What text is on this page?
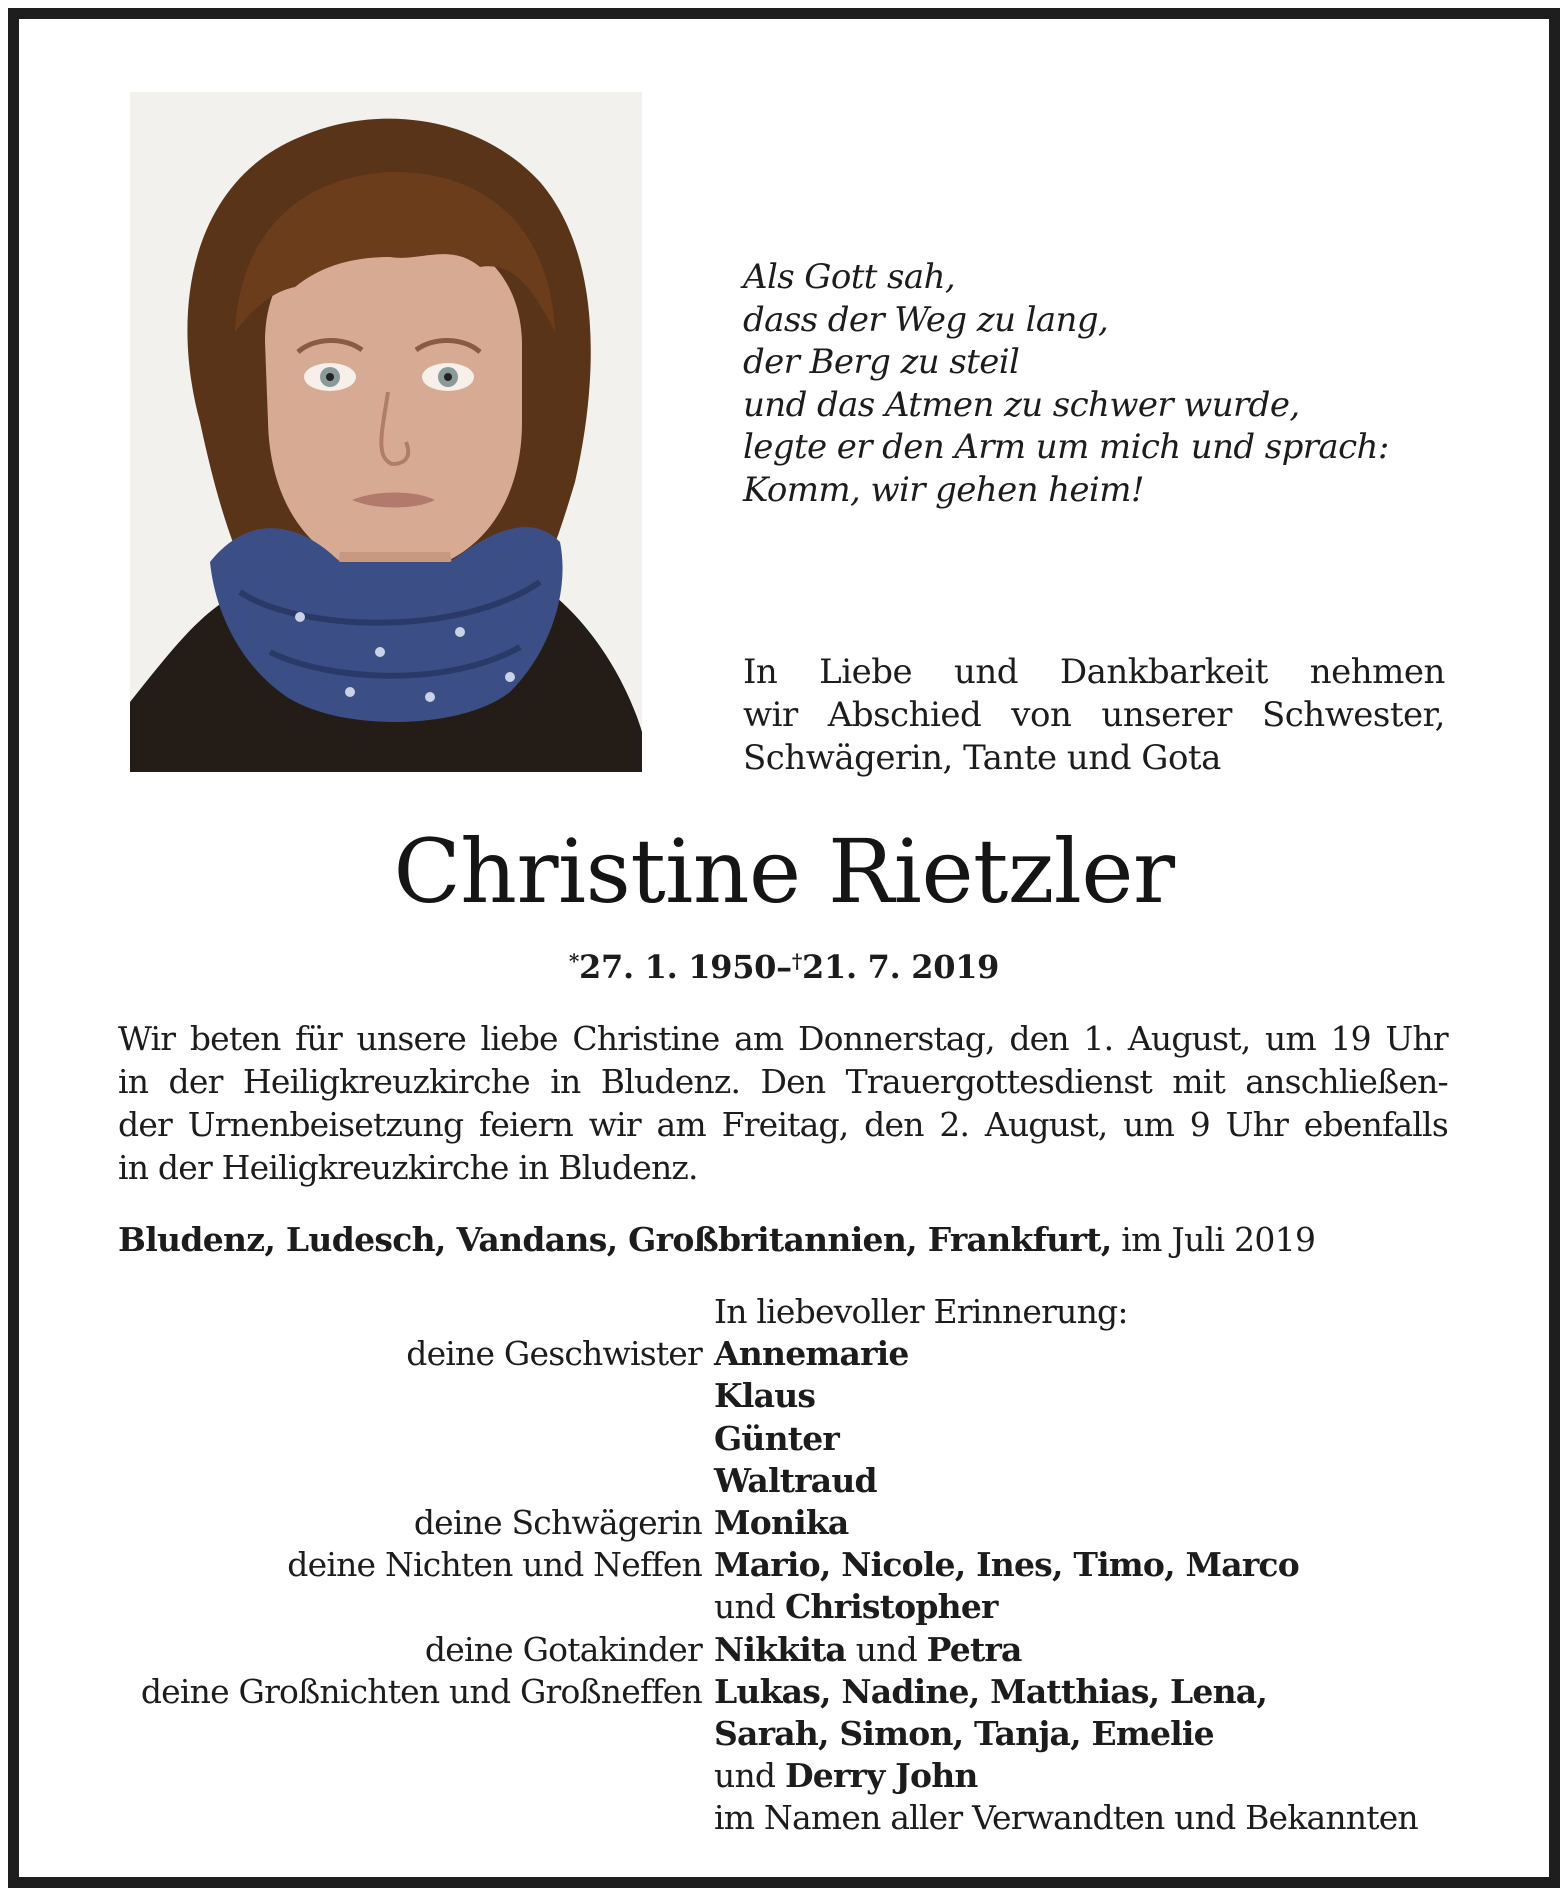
Als Gott sah,
dass der Weg zu lang,
der Berg zu steil
und das Atmen zu schwer wurde,
legte er den Arm um mich und sprach:
Komm, wir gehen heim!
In Liebe und Dankbarkeit nehmen
wir Abschied von unserer Schwester,
Schwägerin, Tante und Gota
Christine Rietzler
*27. 1. 1950–†21. 7. 2019
Wir beten für unsere liebe Christine am Donnerstag, den 1. August, um 19 Uhr
in der Heiligkreuzkirche in Bludenz. Den Trauergottesdienst mit anschließen-
der Urnenbeisetzung feiern wir am Freitag, den 2. August, um 9 Uhr ebenfalls
in der Heiligkreuzkirche in Bludenz.
Bludenz, Ludesch, Vandans, Großbritannien, Frankfurt, im Juli 2019
In liebevoller Erinnerung:
deine Geschwister Annemarie
Klaus
Günter
Waltraud
deine Schwägerin Monika
deine Nichten und Neffen Mario, Nicole, Ines, Timo, Marco
und Christopher
deine Gotakinder Nikkita und Petra
deine Großnichten und Großneffen Lukas, Nadine, Matthias, Lena,
Sarah, Simon, Tanja, Emelie
und Derry John
im Namen aller Verwandten und Bekannten
